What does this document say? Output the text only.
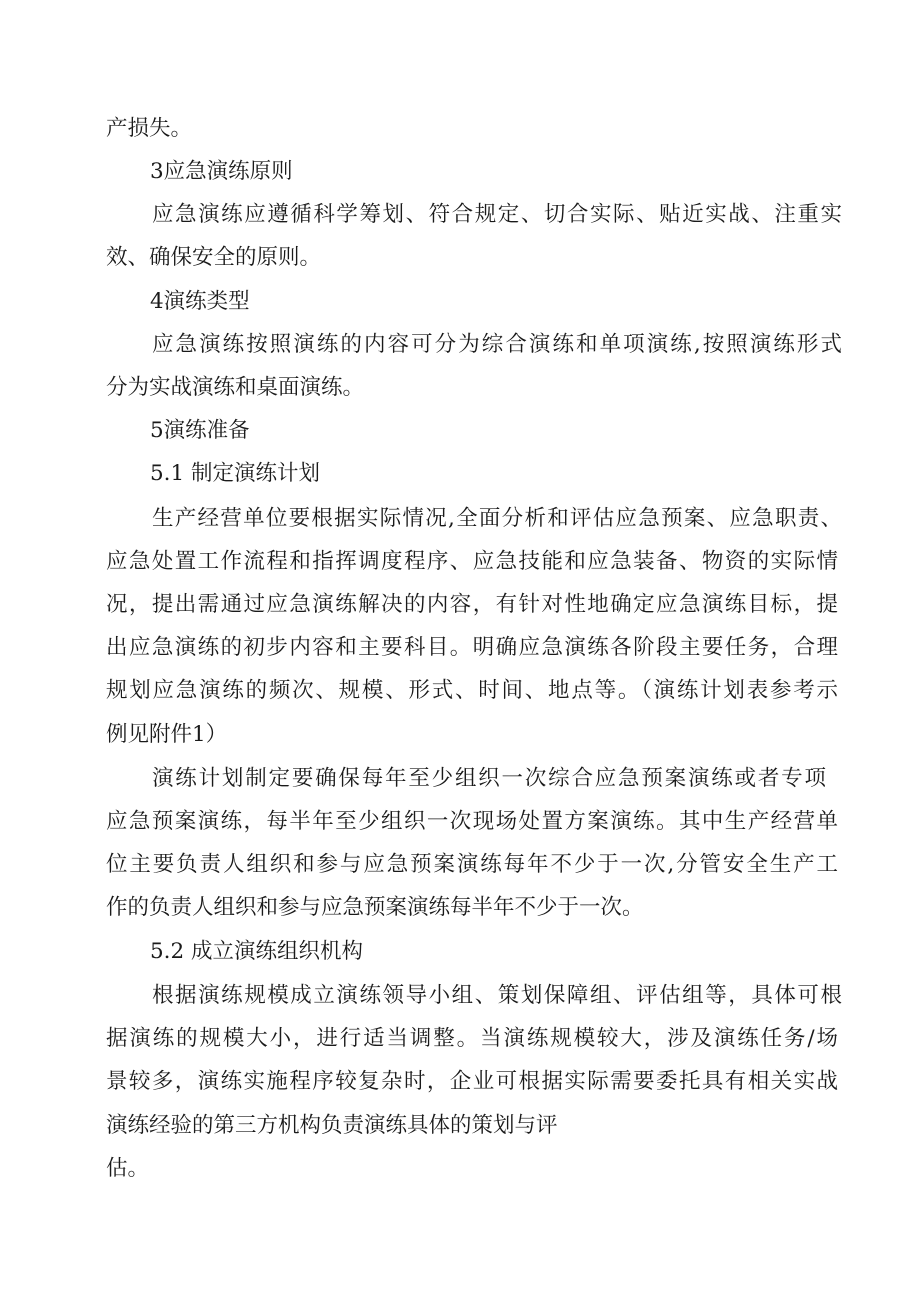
产损失。

3应急演练原则

应急演练应遵循科学筹划、符合规定、切合实际、贴近实战、注重实

效、确保安全的原则。

4演练类型

应急演练按照演练的内容可分为综合演练和单项演练,按照演练形式

分为实战演练和桌面演练。

5演练准备

5.1 制定演练计划

生产经营单位要根据实际情况,全面分析和评估应急预案、应急职责、

应急处置工作流程和指挥调度程序、应急技能和应急装备、物资的实际情

况，提出需通过应急演练解决的内容，有针对性地确定应急演练目标，提

出应急演练的初步内容和主要科目。明确应急演练各阶段主要任务，合理

规划应急演练的频次、规模、形式、时间、地点等。（演练计划表参考示

例见附件1）

演练计划制定要确保每年至少组织一次综合应急预案演练或者专项

应急预案演练，每半年至少组织一次现场处置方案演练。其中生产经营单

位主要负责人组织和参与应急预案演练每年不少于一次,分管安全生产工

作的负责人组织和参与应急预案演练每半年不少于一次。

5.2 成立演练组织机构

根据演练规模成立演练领导小组、策划保障组、评估组等，具体可根

据演练的规模大小，进行适当调整。当演练规模较大，涉及演练任务/场

景较多，演练实施程序较复杂时，企业可根据实际需要委托具有相关实战

演练经验的第三方机构负责演练具体的策划与评

估。
